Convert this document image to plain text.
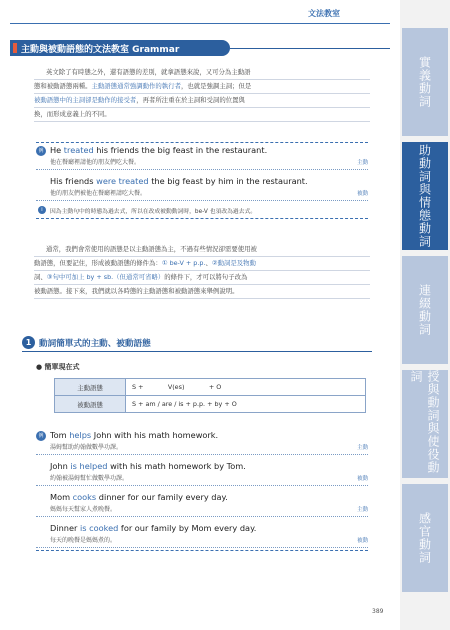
文法教室
主動與被動語態的文法教室 Grammar
英文除了有時態之外，還有語態的差別，就拿語態來說，又可分為主動語
態和被動語態兩種。主動語態通常強調動作的執行者，也就是強調主詞；但是
被動語態中的主詞卻是動作的接受者，再者所注重在於主詞和受詞的位置與
換，而形成意義上的不同。
例 He treated his friends the big feast in the restaurant.
他在餐廳裡請他的朋友們吃大餐。	主動
His friends were treated the big feast by him in the restaurant.
他的朋友們被他在餐廳裡請吃大餐。	被動
i	因為主動句中的時態為過去式，所以在改成被動動詞時，be-V 也須改為過去式。
通常，我們會常使用的語態是以主動語態為主，不過有些情況卻需要使用被
動語態，但要記住，形成被動語態的條件為：① be-V + p.p.、②動詞是及物動
詞、③句中可加上 by + sb.（但通常可省略）的條件下，才可以將句子改為
被動語態。接下來，我們就以各時態的主動語態和被動語態來舉例說明。
1 動詞簡單式的主動、被動語態
● 簡單現在式
主動語態	S +            V(es)            + O
被動語態	S + am / are / is + p.p. + by + O
例 Tom helps John with his math homework.
湯姆幫助約翰做數學功課。	主動
John is helped with his math homework by Tom.
約翰被湯姆幫忙做數學功課。	被動
Mom cooks dinner for our family every day.
媽媽每天幫家人煮晚餐。	主動
Dinner is cooked for our family by Mom every day.
每天的晚餐是媽媽煮的。	被動
389
實義動詞
助動詞與情態動詞
連綴動詞
授與動詞與使役動詞
感官動詞
